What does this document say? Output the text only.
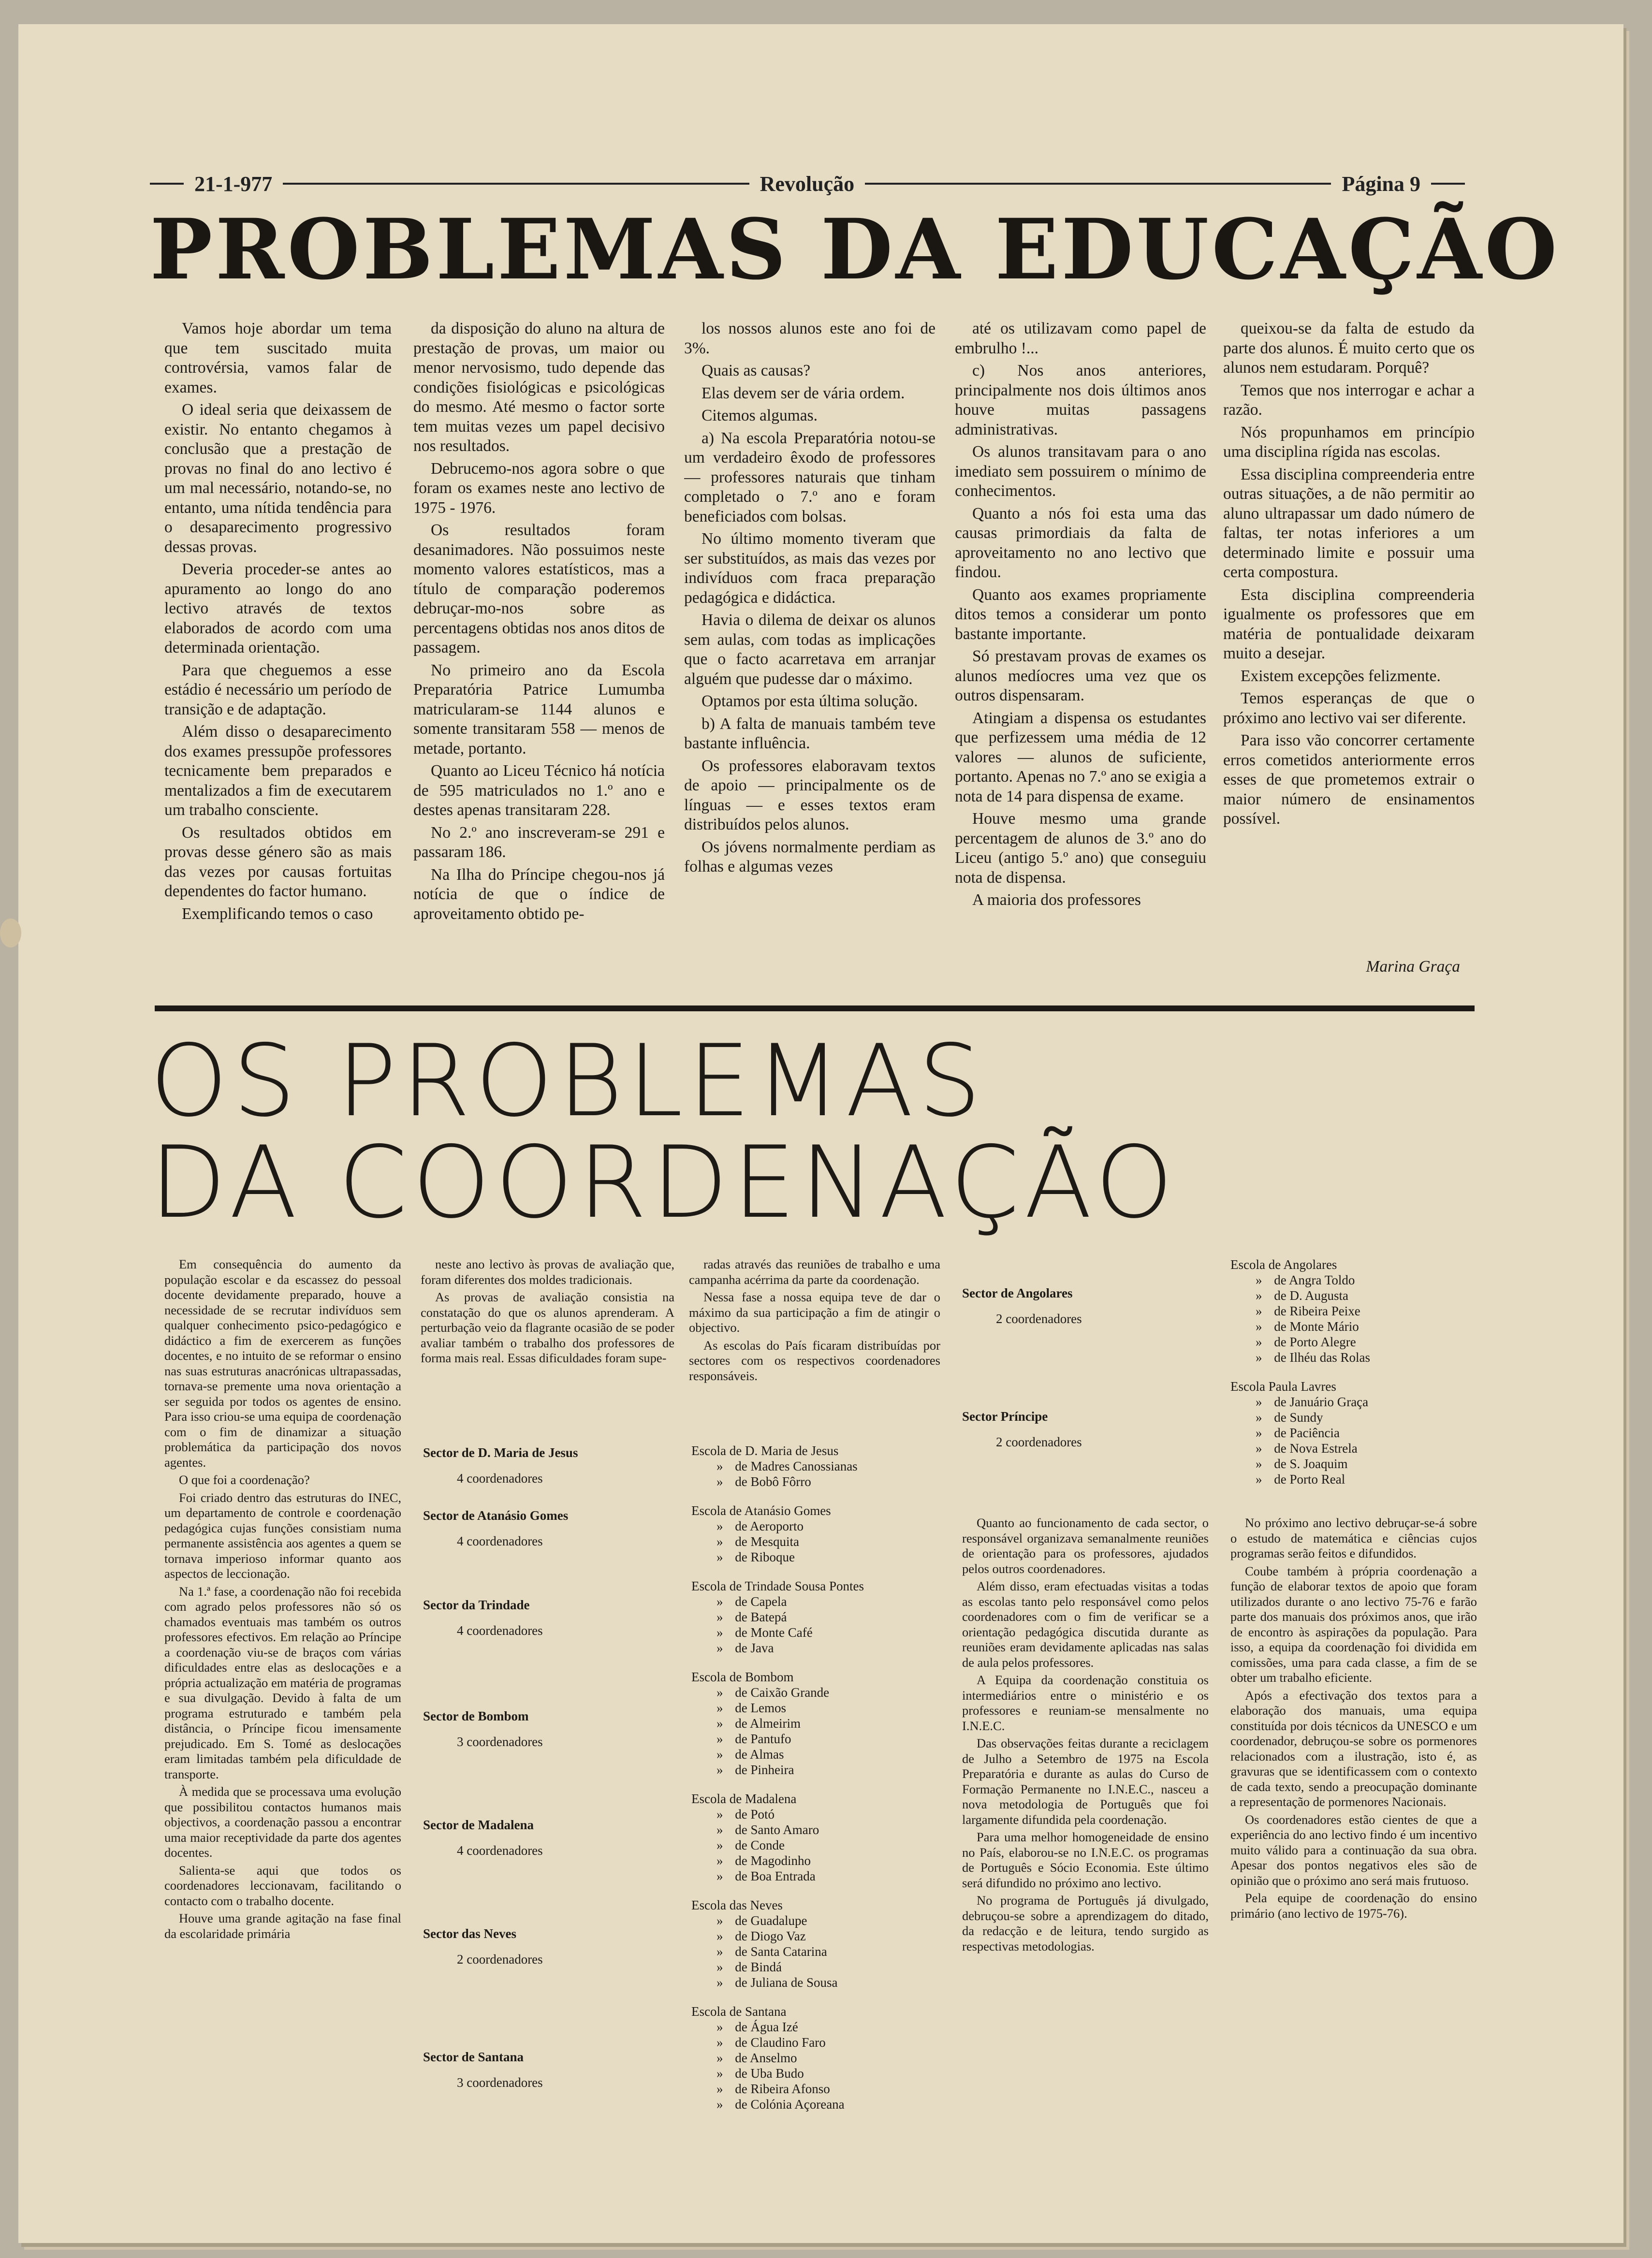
21-1-977	Revolução	Página 9
PROBLEMAS DA EDUCAÇÃO

Vamos hoje abordar um tema que tem suscitado muita controvérsia, vamos falar de exames.

O ideal seria que deixassem de existir. No entanto chegamos à conclusão que a prestação de provas no final do ano lectivo é um mal necessário, notando-se, no entanto, uma nítida tendência para o desaparecimento progressivo dessas provas.

Deveria proceder-se antes ao apuramento ao longo do ano lectivo através de textos elaborados de acordo com uma determinada orientação.

Para que cheguemos a esse estádio é necessário um período de transição e de adaptação.

Além disso o desaparecimento dos exames pressupõe professores tecnicamente bem preparados e mentalizados a fim de executarem um trabalho consciente.

Os resultados obtidos em provas desse género são as mais das vezes por causas fortuitas dependentes do factor humano.

Exemplificando temos o caso

da disposição do aluno na altura de prestação de provas, um maior ou menor nervosismo, tudo depende das condições fisiológicas e psicológicas do mesmo. Até mesmo o factor sorte tem muitas vezes um papel decisivo nos resultados.

Debrucemo-nos agora sobre o que foram os exames neste ano lectivo de 1975 - 1976.

Os resultados foram desanimadores. Não possuimos neste momento valores estatísticos, mas a título de comparação poderemos debruçar-mo-nos sobre as percentagens obtidas nos anos ditos de passagem.

No primeiro ano da Escola Preparatória Patrice Lumumba matricularam-se 1144 alunos e somente transitaram 558 — menos de metade, portanto.

Quanto ao Liceu Técnico há notícia de 595 matriculados no 1.º ano e destes apenas transitaram 228.

No 2.º ano inscreveram-se 291 e passaram 186.

Na Ilha do Príncipe chegou-nos já notícia de que o índice de aproveitamento obtido pe-

los nossos alunos este ano foi de 3%.

Quais as causas?

Elas devem ser de vária ordem.

Citemos algumas.

a) Na escola Preparatória notou-se um verdadeiro êxodo de professores — professores naturais que tinham completado o 7.º ano e foram beneficiados com bolsas.

No último momento tiveram que ser substituídos, as mais das vezes por indivíduos com fraca preparação pedagógica e didáctica.

Havia o dilema de deixar os alunos sem aulas, com todas as implicações que o facto acarretava em arranjar alguém que pudesse dar o máximo.

Optamos por esta última solução.

b) A falta de manuais também teve bastante influência.

Os professores elaboravam textos de apoio — principalmente os de línguas — e esses textos eram distribuídos pelos alunos.

Os jóvens normalmente perdiam as folhas e algumas vezes

até os utilizavam como papel de embrulho !...

c) Nos anos anteriores, principalmente nos dois últimos anos houve muitas passagens administrativas.

Os alunos transitavam para o ano imediato sem possuirem o mínimo de conhecimentos.

Quanto a nós foi esta uma das causas primordiais da falta de aproveitamento no ano lectivo que findou.

Quanto aos exames propriamente ditos temos a considerar um ponto bastante importante.

Só prestavam provas de exames os alunos medíocres uma vez que os outros dispensaram.

Atingiam a dispensa os estudantes que perfizessem uma média de 12 valores — alunos de suficiente, portanto. Apenas no 7.º ano se exigia a nota de 14 para dispensa de exame.

Houve mesmo uma grande percentagem de alunos de 3.º ano do Liceu (antigo 5.º ano) que conseguiu nota de dispensa.

A maioria dos professores

queixou-se da falta de estudo da parte dos alunos. É muito certo que os alunos nem estudaram. Porquê?

Temos que nos interrogar e achar a razão.

Nós propunhamos em princípio uma disciplina rígida nas escolas.

Essa disciplina compreenderia entre outras situações, a de não permitir ao aluno ultrapassar um dado número de faltas, ter notas inferiores a um determinado limite e possuir uma certa compostura.

Esta disciplina compreenderia igualmente os professores que em matéria de pontualidade deixaram muito a desejar.

Existem excepções felizmente.

Temos esperanças de que o próximo ano lectivo vai ser diferente.

Para isso vão concorrer certamente erros cometidos anteriormente erros esses de que prometemos extrair o maior número de ensinamentos possível.

Marina Graça
OS PROBLEMAS
DA COORDENAÇÃO

Em consequência do aumento da população escolar e da escassez do pessoal docente devidamente preparado, houve a necessidade de se recrutar indivíduos sem qualquer conhecimento psico-pedagógico e didáctico a fim de exercerem as funções docentes, e no intuito de se reformar o ensino nas suas estruturas anacrónicas ultrapassadas, tornava-se premente uma nova orientação a ser seguida por todos os agentes de ensino. Para isso criou-se uma equipa de coordenação com o fim de dinamizar a situação problemática da participação dos novos agentes.

O que foi a coordenação?

Foi criado dentro das estruturas do INEC, um departamento de controle e coordenação pedagógica cujas funções consistiam numa permanente assistência aos agentes a quem se tornava imperioso informar quanto aos aspectos de leccionação.

Na 1.ª fase, a coordenação não foi recebida com agrado pelos professores não só os chamados eventuais mas também os outros professores efectivos. Em relação ao Príncipe a coordenação viu-se de braços com várias dificuldades entre elas as deslocações e a própria actualização em matéria de programas e sua divulgação. Devido à falta de um programa estruturado e também pela distância, o Príncipe ficou imensamente prejudicado. Em S. Tomé as deslocações eram limitadas também pela dificuldade de transporte.

À medida que se processava uma evolução que possibilitou contactos humanos mais objectivos, a coordenação passou a encontrar uma maior receptividade da parte dos agentes docentes.

Salienta-se aqui que todos os coordenadores leccionavam, facilitando o contacto com o trabalho docente.

Houve uma grande agitação na fase final da escolaridade primária

neste ano lectivo às provas de avaliação que, foram diferentes dos moldes tradicionais.

As provas de avaliação consistia na constatação do que os alunos aprenderam. A perturbação veio da flagrante ocasião de se poder avaliar também o trabalho dos professores de forma mais real. Essas dificuldades foram supe-

radas através das reuniões de trabalho e uma campanha acérrima da parte da coordenação.

Nessa fase a nossa equipa teve de dar o máximo da sua participação a fim de atingir o objectivo.

As escolas do País ficaram distribuídas por sectores com os respectivos coordenadores responsáveis.

Sector de D. Maria de Jesus
4 coordenadores
Sector de Atanásio Gomes
4 coordenadores
Sector da Trindade
4 coordenadores
Sector de Bombom
3 coordenadores
Sector de Madalena
4 coordenadores
Sector das Neves
2 coordenadores
Sector de Santana
3 coordenadores
Sector de Angolares
2 coordenadores
Sector Príncipe
2 coordenadores
Escola de D. Maria de Jesus
» de Madres Canossianas
» de Bobô Fôrro
Escola de Atanásio Gomes
» de Aeroporto
» de Mesquita
» de Riboque
Escola de Trindade Sousa Pontes
» de Capela
» de Batepá
» de Monte Café
» de Java
Escola de Bombom
» de Caixão Grande
» de Lemos
» de Almeirim
» de Pantufo
» de Almas
» de Pinheira
Escola de Madalena
» de Potó
» de Santo Amaro
» de Conde
» de Magodinho
» de Boa Entrada
Escola das Neves
» de Guadalupe
» de Diogo Vaz
» de Santa Catarina
» de Bindá
» de Juliana de Sousa
Escola de Santana
» de Água Izé
» de Claudino Faro
» de Anselmo
» de Uba Budo
» de Ribeira Afonso
» de Colónia Açoreana
Escola de Angolares
» de Angra Toldo
» de D. Augusta
» de Ribeira Peixe
» de Monte Mário
» de Porto Alegre
» de Ilhéu das Rolas
Escola Paula Lavres
» de Januário Graça
» de Sundy
» de Paciência
» de Nova Estrela
» de S. Joaquim
» de Porto Real

Quanto ao funcionamento de cada sector, o responsável organizava semanalmente reuniões de orientação para os professores, ajudados pelos outros coordenadores.

Além disso, eram efectuadas visitas a todas as escolas tanto pelo responsável como pelos coordenadores com o fim de verificar se a orientação pedagógica discutida durante as reuniões eram devidamente aplicadas nas salas de aula pelos professores.

A Equipa da coordenação constituia os intermediários entre o ministério e os professores e reuniam-se mensalmente no I.N.E.C.

Das observações feitas durante a reciclagem de Julho a Setembro de 1975 na Escola Preparatória e durante as aulas do Curso de Formação Permanente no I.N.E.C., nasceu a nova metodologia de Português que foi largamente difundida pela coordenação.

Para uma melhor homogeneidade de ensino no País, elaborou-se no I.N.E.C. os programas de Português e Sócio Economia. Este último será difundido no próximo ano lectivo.

No programa de Português já divulgado, debruçou-se sobre a aprendizagem do ditado, da redacção e de leitura, tendo surgido as respectivas metodologias.

No próximo ano lectivo debruçar-se-á sobre o estudo de matemática e ciências cujos programas serão feitos e difundidos.

Coube também à própria coordenação a função de elaborar textos de apoio que foram utilizados durante o ano lectivo 75-76 e farão parte dos manuais dos próximos anos, que irão de encontro às aspirações da população. Para isso, a equipa da coordenação foi dividida em comissões, uma para cada classe, a fim de se obter um trabalho eficiente.

Após a efectivação dos textos para a elaboração dos manuais, uma equipa constituída por dois técnicos da UNESCO e um coordenador, debruçou-se sobre os pormenores relacionados com a ilustração, isto é, as gravuras que se identificassem com o contexto de cada texto, sendo a preocupação dominante a representação de pormenores Nacionais.

Os coordenadores estão cientes de que a experiência do ano lectivo findo é um incentivo muito válido para a continuação da sua obra. Apesar dos pontos negativos eles são de opinião que o próximo ano será mais frutuoso.

Pela equipe de coordenação do ensino primário (ano lectivo de 1975-76).
